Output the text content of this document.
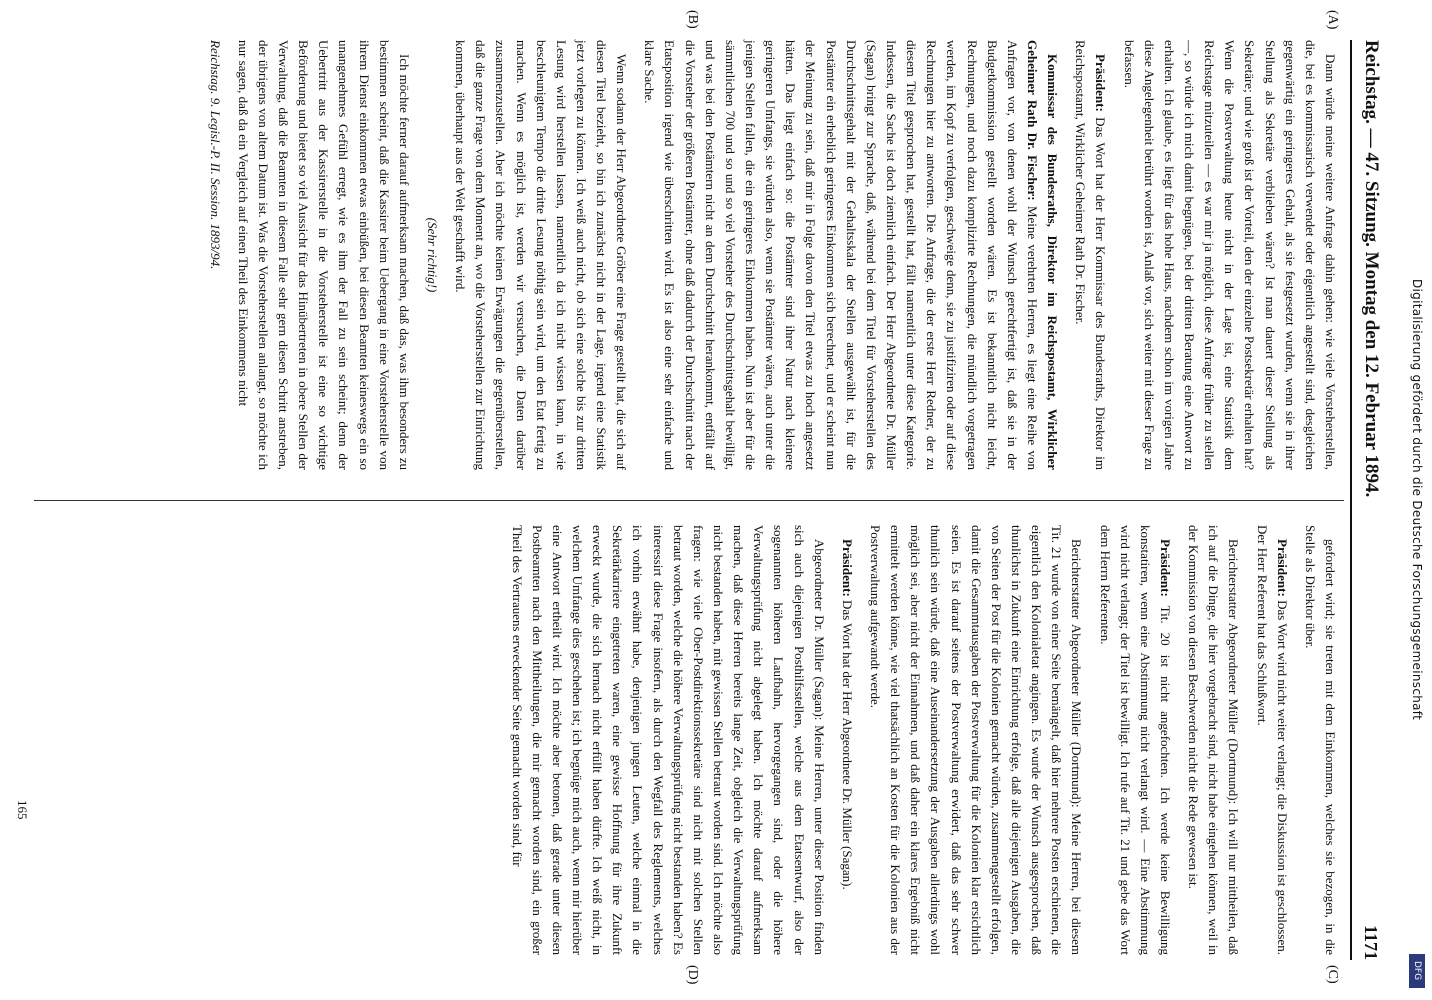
Digitalisierung gefördert durch die Deutsche Forschungsgemeinschaft
DFG
Reichstag. — 47. Sitzung. Montag den 12. Februar 1894.
1171
(A)
(B)
(C)
(D)

Dann würde meine weitere Anfrage dahin gehen: wie viele Vorsteherstellen, die, bei es kommissarisch verwendet oder eigentlich angestellt sind, desgleichen gegenwärtig ein geringeres Gehalt, als sie festgesetzt wurden, wenn sie in ihrer Stellung als Sekretäre verblieben wären? Ist man dauert dieser Stellung als Sekretäre; und wie groß ist der Vorteil, den der einzelne Postsekretär erhalten hat? Wenn die Postverwaltung heute nicht in der Lage ist, eine Statistik dem Reichstage mitzuteilen — es war mir ja möglich, diese Anfrage früher zu stellen —, so würde ich mich damit begnügen, bei der dritten Beratung eine Antwort zu erhalten. Ich glaube, es liegt für das hohe Haus, nachdem schon im vorigen Jahre diese Angelegenheit berührt worden ist, Anlaß vor, sich weiter mit dieser Frage zu befassen.

Präsident: Das Wort hat der Herr Kommissar des Bundesraths, Direktor im Reichspostamt, Wirklicher Geheimer Rath Dr. Fischer.

Kommissar des Bundesraths, Direktor im Reichspostamt, Wirklicher Geheimer Rath Dr. Fischer: Meine verehrten Herren, es liegt eine Reihe von Anfragen vor, von denen wohl der Wunsch gerechtfertigt ist, daß sie in der Budgetkommission gestellt worden wären. Es ist bekanntlich nicht leicht, Rechnungen, und noch dazu komplizirte Rechnungen, die mündlich vorgetragen werden, im Kopf zu verfolgen, geschweige denn, sie zu justifiziren oder auf diese Rechnungen hier zu antworten. Die Anfrage, die der erste Herr Redner, der zu diesem Titel gesprochen hat, gestellt hat, fällt namentlich unter diese Kategorie. Indessen, die Sache ist doch ziemlich einfach. Der Herr Abgeordnete Dr. Müller (Sagan) bringt zur Sprache, daß, während bei dem Titel für Vorsteherstellen des Durchschnittsgehalt mit der Gehaltsskala der Stellen ausgewählt ist, für die Postämter ein erheblich geringeres Einkommen sich berechnet, und er scheint nun der Meinung zu sein, daß mir in Folge davon den Titel etwas zu hoch angesetzt hätten. Das liegt einfach so: die Postämter sind ihrer Natur nach kleinere geringeren Umfangs, sie würden also, wenn sie Postämter wären, auch unter die jenigen Stellen fallen, die ein geringeres Einkommen haben. Nun ist aber für die sämmtlichen 700 und so und so viel Vorsteher des Durchschnittsgehalt bewilligt, und was bei den Postämtern nicht an dem Durchschnitt herankommt, entfällt auf die Vorsteher der größeren Postämter, ohne daß dadurch der Durchschnitt nach der Etatsposition irgend wie überschritten wird. Es ist also eine sehr einfache und klare Sache.

Wenn sodann der Herr Abgeordnete Gröber eine Frage gestellt hat, die sich auf diesen Titel bezieht, so bin ich zunächst nicht in der Lage, irgend eine Statistik jetzt vorlegen zu können. Ich weiß auch nicht, ob sich eine solche bis zur dritten Lesung wird herstellen lassen, namentlich da ich nicht wissen kann, in wie beschleunigtem Tempo die dritte Lesung nöthig sein wird, um den Etat fertig zu machen. Wenn es möglich ist, werden wir versuchen, die Daten darüber zusammenzustellen. Aber ich möchte keinen Erwägungen die gegenüberstellen, daß die ganze Frage von dem Moment an, wo die Vorsteherstellen zur Einrichtung kommen, überhaupt aus der Welt geschafft wird.

(Sehr richtig!)

Ich möchte ferner darauf aufmerksam machen, daß das, was ihm besonders zu bestimmen scheint, daß die Kassirer beim Uebergang in eine Vorsteherstelle von ihrem Dienst einkommen etwas einbüßen, bei diesen Beamten keineswegs ein so unangenehmes Gefühl erregt, wie es ihm der Fall zu sein scheint; denn der Uebertritt aus der Kassirerstelle in die Vorsteherstelle ist eine so wichtige Beförderung und bietet so viel Aussicht für das Hinübertreten in obere Stellen der Verwaltung, daß die Beamten in diesem Falle sehr gern diesen Schritt anstreben, der übrigens von altem Datum ist. Was die Vorsteherstellen anlangt, so möchte ich nur sagen, daß da ein Vergleich auf einen Theil des Einkommens nicht

Reichstag. 9. Legisl.-P. II. Session. 1893/94.

gefordert wird; sie treten mit dem Einkommen, welches sie bezogen, in die Stelle als Direktor über.

Präsident: Das Wort wird nicht weiter verlangt; die Diskussion ist geschlossen. Der Herr Referent hat das Schlußwort.

Berichterstatter Abgeordneter Müller (Dortmund): Ich will nur mittheilen, daß ich auf die Dinge, die hier vorgebracht sind, nicht habe eingehen können, weil in der Kommission von diesen Beschwerden nicht die Rede gewesen ist.

Präsident: Tit. 20 ist nicht angefochten. Ich werde keine Bewilligung konstatiren, wenn eine Abstimmung nicht verlangt wird. — Eine Abstimmung wird nicht verlangt; der Titel ist bewilligt. Ich rufe auf Tit. 21 und gebe das Wort dem Herrn Referenten.

Berichterstatter Abgeordneter Müller (Dortmund): Meine Herren, bei diesem Tit. 21 wurde von einer Seite bemängelt, daß hier mehrere Posten erschienen, die eigentlich den Kolonialetat angingen. Es wurde der Wunsch ausgesprochen, daß thunlichst in Zukunft eine Einrichtung erfolge, daß alle diejenigen Ausgaben, die von Seiten der Post für die Kolonien gemacht würden, zusammengestellt erfolgen, damit die Gesammtausgaben der Postverwaltung für die Kolonien klar ersichtlich seien. Es ist darauf seitens der Postverwaltung erwidert, daß das sehr schwer thunlich sein würde, daß eine Auseinandersetzung der Ausgaben allerdings wohl möglich sei, aber nicht der Einnahmen, und daß daher ein klares Ergebniß nicht ermittelt werden könne, wie viel thatsächlich an Kosten für die Kolonien aus der Postverwaltung aufgewandt werde.

Präsident: Das Wort hat der Herr Abgeordnete Dr. Müller (Sagan).

Abgeordneter Dr. Müller (Sagan): Meine Herren, unter dieser Position finden sich auch diejenigen Posthilfsstellen, welche aus dem Etatsentwurf, also der sogenannten höheren Laufbahn, hervorgegangen sind, oder die höhere Verwaltungsprüfung nicht abgelegt haben. Ich möchte darauf aufmerksam machen, daß diese Herren bereits lange Zeit, obgleich die Verwaltungsprüfung nicht bestanden haben, mit gewissen Stellen betraut worden sind. Ich möchte also fragen: wie viele Ober-Postdirektionssekretäre sind nicht mit solchen Stellen betraut worden, welche die höhere Verwaltungsprüfung nicht bestanden haben? Es interessirt diese Frage insofern, als durch den Wegfall des Reglements, welches ich vorhin erwähnt habe, denjenigen jungen Leuten, welche einmal in die Sekretärkarriere eingetreten waren, eine gewisse Hoffnung für ihre Zukunft erweckt wurde, die sich hernach nicht erfüllt haben dürfte. Ich weiß nicht, in welchem Umfange dies geschehen ist; ich begnüge mich auch, wenn mir hierüber eine Antwort ertheilt wird. Ich möchte aber betonen, daß gerade unter diesen Postbeamten nach den Mittheilungen, die mir gemacht worden sind, ein großer Theil des Vertrauens erweckender Seite gemacht worden sind, für

165
